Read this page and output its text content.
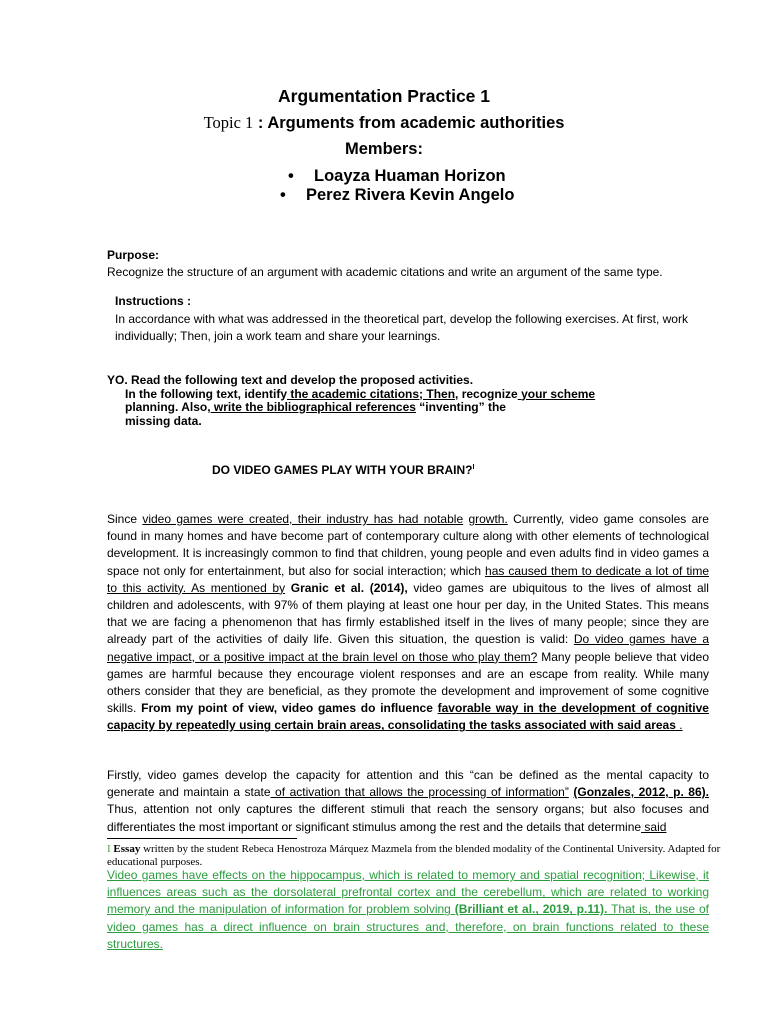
Argumentation Practice 1
Topic 1 : Arguments from academic authorities
Members:
• Loayza Huaman Horizon
• Perez Rivera Kevin Angelo
Purpose:
Recognize the structure of an argument with academic citations and write an argument of the same type.
Instructions :
In accordance with what was addressed in the theoretical part, develop the following exercises. At first, work individually; Then, join a work team and share your learnings.
YO. Read the following text and develop the proposed activities.
In the following text, identify the academic citations; Then, recognize your scheme
planning. Also, write the bibliographical references “inventing” the
missing data.
DO VIDEO GAMES PLAY WITH YOUR BRAIN?$^I$
Since video games were created, their industry has had notable growth. Currently, video game consoles are found in many homes and have become part of contemporary culture along with other elements of technological development. It is increasingly common to find that children, young people and even adults find in video games a space not only for entertainment, but also for social interaction; which has caused them to dedicate a lot of time to this activity. As mentioned by Granic et al. (2014), video games are ubiquitous to the lives of almost all children and adolescents, with 97% of them playing at least one hour per day, in the United States. This means that we are facing a phenomenon that has firmly established itself in the lives of many people; since they are already part of the activities of daily life. Given this situation, the question is valid: Do video games have a negative impact, or a positive impact at the brain level on those who play them? Many people believe that video games are harmful because they encourage violent responses and are an escape from reality. While many others consider that they are beneficial, as they promote the development and improvement of some cognitive skills. From my point of view, video games do influence favorable way in the development of cognitive capacity by repeatedly using certain brain areas, consolidating the tasks associated with said areas .
Firstly, video games develop the capacity for attention and this “can be defined as the mental capacity to generate and maintain a state of activation that allows the processing of information” (Gonzales, 2012, p. 86). Thus, attention not only captures the different stimuli that reach the sensory organs; but also focuses and differentiates the most important or significant stimulus among the rest and the details that determine said
I Essay written by the student Rebeca Henostroza Márquez Mazmela from the blended modality of the Continental University. Adapted for educational purposes.
Video games have effects on the hippocampus, which is related to memory and spatial recognition; Likewise, it influences areas such as the dorsolateral prefrontal cortex and the cerebellum, which are related to working memory and the manipulation of information for problem solving (Brilliant et al., 2019, p.11). That is, the use of video games has a direct influence on brain structures and, therefore, on brain functions related to these structures.
